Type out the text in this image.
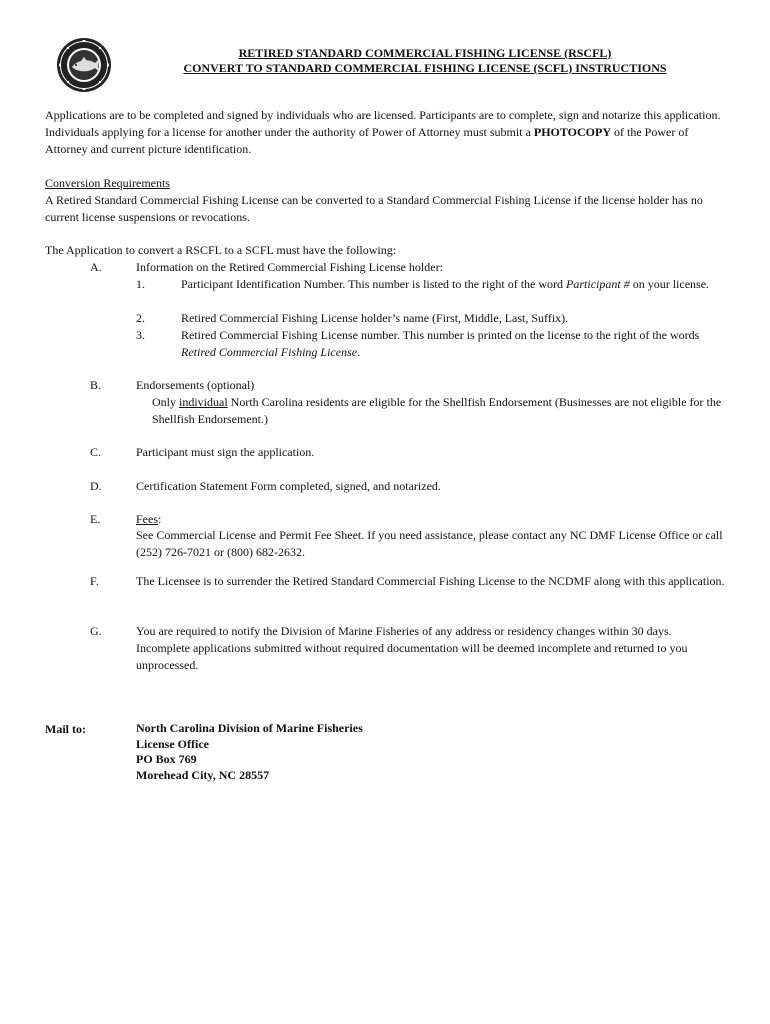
RETIRED STANDARD COMMERCIAL FISHING LICENSE (RSCFL)
CONVERT TO STANDARD COMMERCIAL FISHING LICENSE (SCFL) INSTRUCTIONS
Applications are to be completed and signed by individuals who are licensed. Participants are to complete, sign and notarize this application. Individuals applying for a license for another under the authority of Power of Attorney must submit a PHOTOCOPY of the Power of Attorney and current picture identification.
Conversion Requirements
A Retired Standard Commercial Fishing License can be converted to a Standard Commercial Fishing License if the license holder has no current license suspensions or revocations.
The Application to convert a RSCFL to a SCFL must have the following:
A.	Information on the Retired Commercial Fishing License holder:
1.	Participant Identification Number. This number is listed to the right of the word Participant # on your license.
2.	Retired Commercial Fishing License holder’s name (First, Middle, Last, Suffix).
3.	Retired Commercial Fishing License number. This number is printed on the license to the right of the words Retired Commercial Fishing License.
B.	Endorsements (optional)
Only individual North Carolina residents are eligible for the Shellfish Endorsement (Businesses are not eligible for the Shellfish Endorsement.)
C.	Participant must sign the application.
D.	Certification Statement Form completed, signed, and notarized.
E.	Fees:
See Commercial License and Permit Fee Sheet. If you need assistance, please contact any NC DMF License Office or call (252) 726-7021 or (800) 682-2632.
F.	The Licensee is to surrender the Retired Standard Commercial Fishing License to the NCDMF along with this application.
G.	You are required to notify the Division of Marine Fisheries of any address or residency changes within 30 days. Incomplete applications submitted without required documentation will be deemed incomplete and returned to you unprocessed.
Mail to:	North Carolina Division of Marine Fisheries
License Office
PO Box 769
Morehead City, NC 28557
